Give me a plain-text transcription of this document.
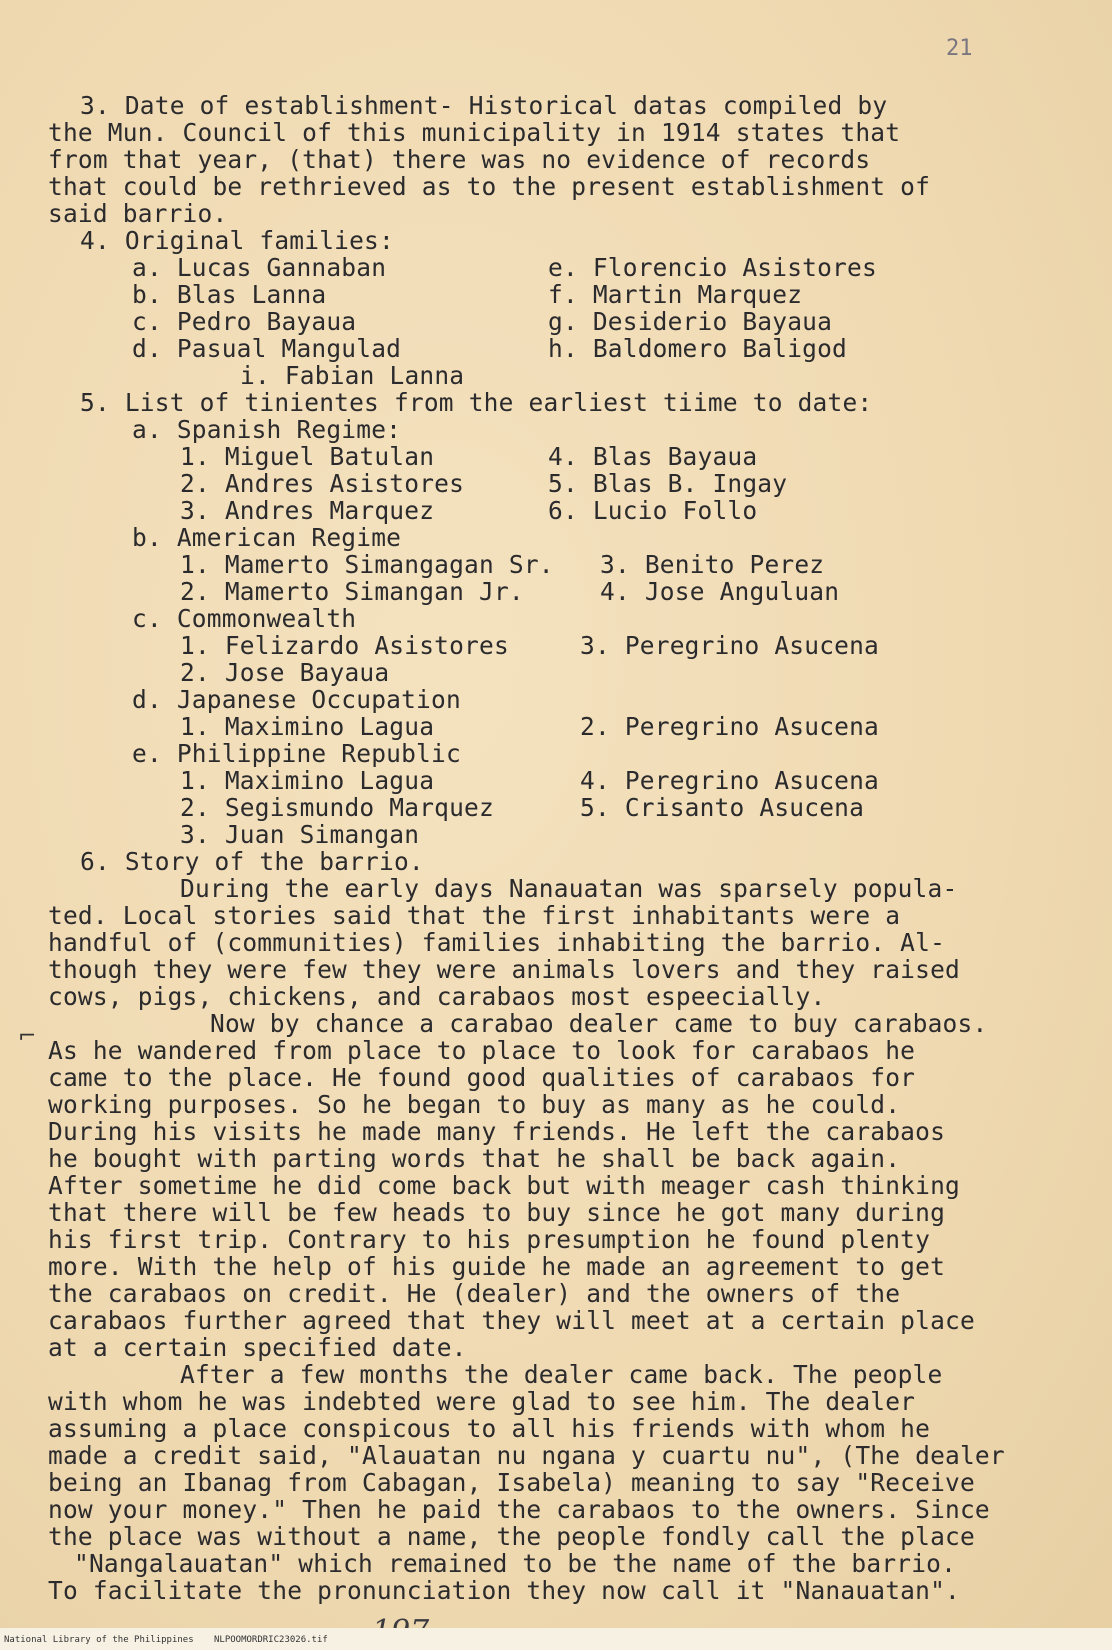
21
3. Date of establishment- Historical datas compiled by
the Mun. Council of this municipality in 1914 states that
from that year, (that) there was no evidence of records
that could be rethrieved as to the present establishment of
said barrio.
4. Original families:
a. Lucas Gannaban	e. Florencio Asistores
b. Blas Lanna	f. Martin Marquez
c. Pedro Bayaua	g. Desiderio Bayaua
d. Pasual Mangulad	h. Baldomero Baligod
i. Fabian Lanna
5. List of tinientes from the earliest tiime to date:
a. Spanish Regime:
1. Miguel Batulan	4. Blas Bayaua
2. Andres Asistores	5. Blas B. Ingay
3. Andres Marquez	6. Lucio Follo
b. American Regime
1. Mamerto Simangagan Sr. 3. Benito Perez
2. Mamerto Simangan Jr.	4. Jose Anguluan
c. Commonwealth
1. Felizardo Asistores	3. Peregrino Asucena
2. Jose Bayaua
d. Japanese Occupation
1. Maximino Lagua	2. Peregrino Asucena
e. Philippine Republic
1. Maximino Lagua	4. Peregrino Asucena
2. Segismundo Marquez	5. Crisanto Asucena
3. Juan Simangan
6. Story of the barrio.
During the early days Nanauatan was sparsely popula-
ted. Local stories said that the first inhabitants were a
handful of (communities) families inhabiting the barrio. Al-
though they were few they were animals lovers and they raised
cows, pigs, chickens, and carabaos most espeecially.
⌐	Now by chance a carabao dealer came to buy carabaos.
As he wandered from place to place to look for carabaos he
came to the place. He found good qualities of carabaos for
working purposes. So he began to buy as many as he could.
During his visits he made many friends. He left the carabaos
he bought with parting words that he shall be back again.
After sometime he did come back but with meager cash thinking
that there will be few heads to buy since he got many during
his first trip. Contrary to his presumption he found plenty
more. With the help of his guide he made an agreement to get
the carabaos on credit. He (dealer) and the owners of the
carabaos further agreed that they will meet at a certain place
at a certain specified date.
After a few months the dealer came back. The people
with whom he was indebted were glad to see him. The dealer
assuming a place conspicous to all his friends with whom he
made a credit said, "Alauatan nu ngana y cuartu nu", (The dealer
being an Ibanag from Cabagan, Isabela) meaning to say "Receive
now your money." Then he paid the carabaos to the owners. Since
the place was without a name, the people fondly call the place
"Nangalauatan" which remained to be the name of the barrio.
To facilitate the pronunciation they now call it "Nanauatan".
National Library of the Philippines NLPOOMORDRIC23026.tif
